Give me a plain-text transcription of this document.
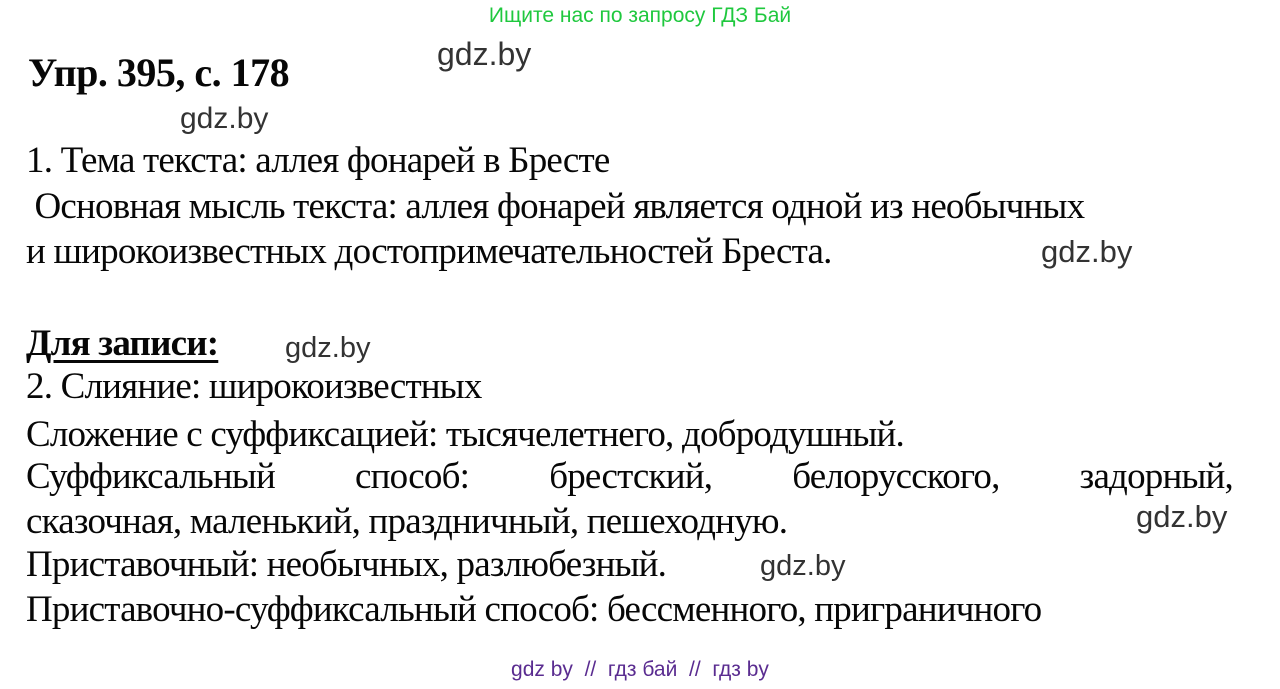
Ищите нас по запросу ГДЗ Бай
gdz.by
Упр. 395, с. 178
gdz.by
1. Тема текста: аллея фонарей в Бресте
Основная мысль текста: аллея фонарей является одной из необычных
и широкоизвестных достопримечательностей Бреста.	gdz.by
Для записи: gdz.by
2. Слияние: широкоизвестных
Сложение с суффиксацией: тысячелетнего, добродушный.
Суффиксальный способ: брестский, белорусского, задорный,
сказочная, маленький, праздничный, пешеходную.	gdz.by
Приставочный: необычных, разлюбезный.	gdz.by
Приставочно-суффиксальный способ: бессменного, приграничного
gdz by  //  гдз бай  //  гдз by
